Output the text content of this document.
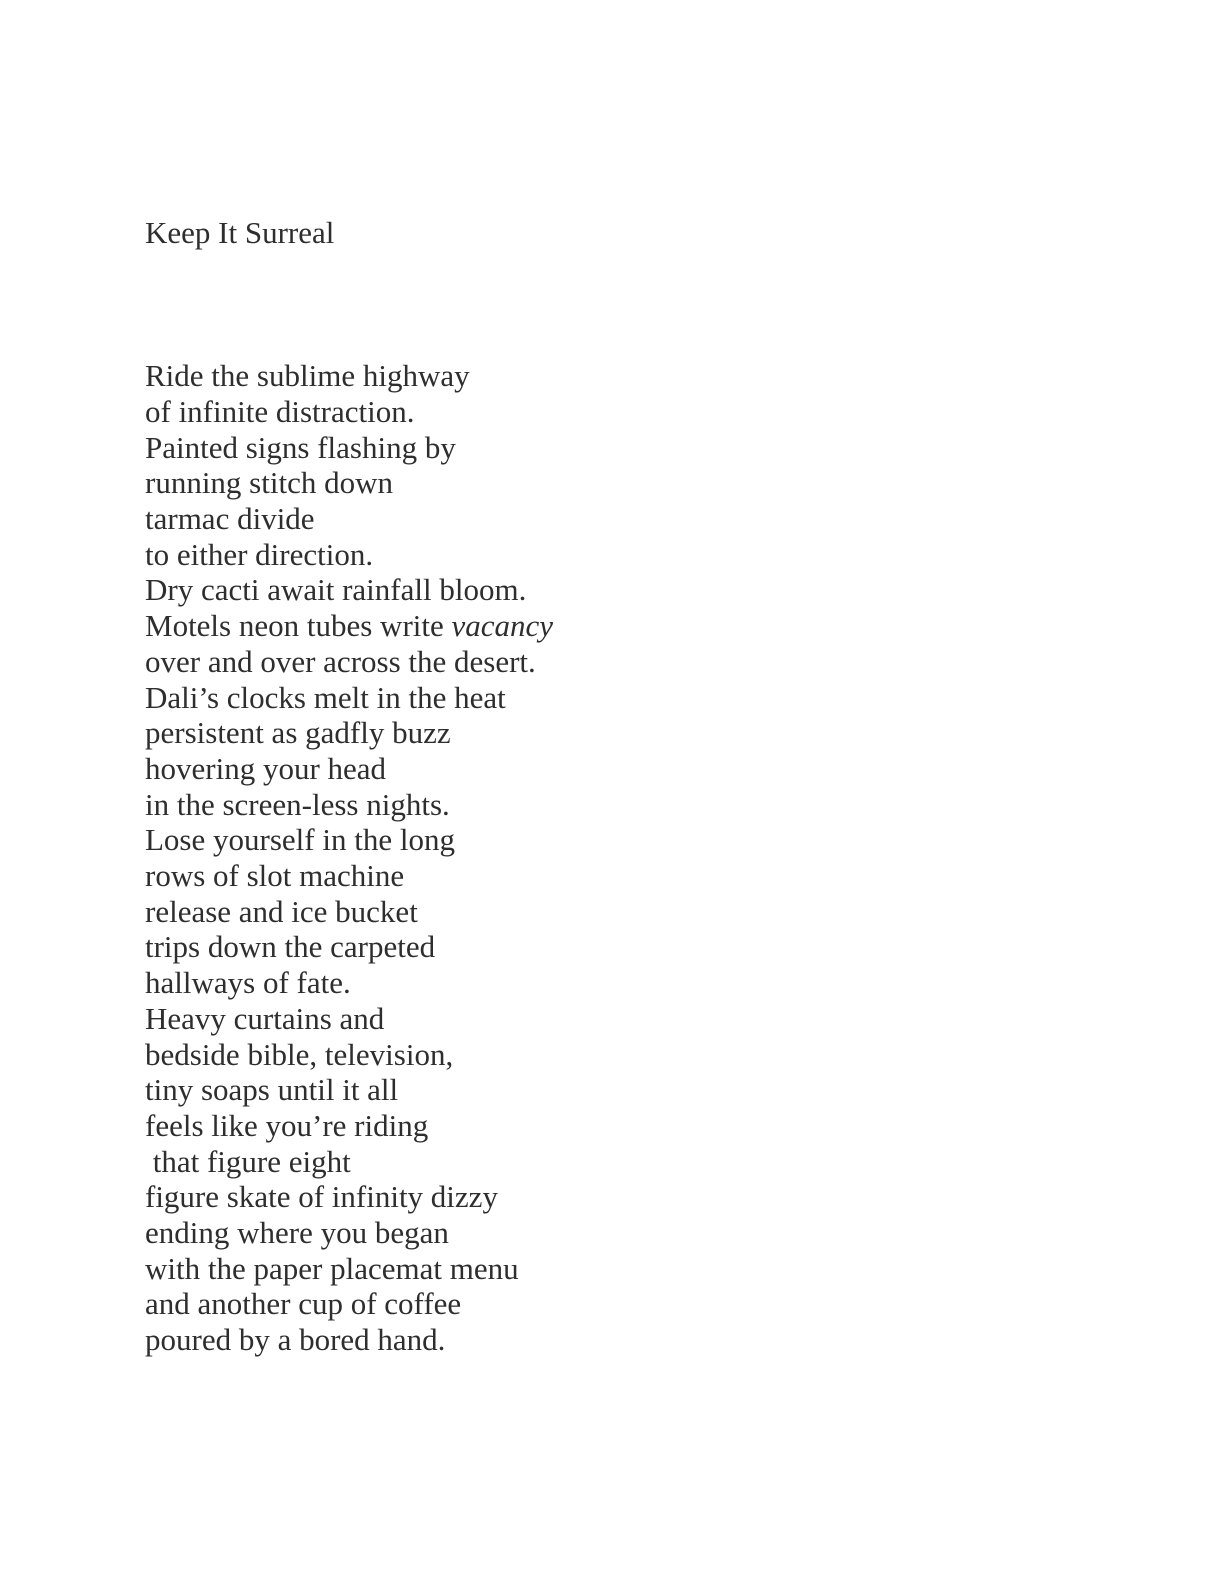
Keep It Surreal

Ride the sublime highway
of infinite distraction.
Painted signs flashing by
running stitch down
tarmac divide
to either direction.
Dry cacti await rainfall bloom.
Motels neon tubes write vacancy
over and over across the desert.
Dali’s clocks melt in the heat
persistent as gadfly buzz
hovering your head
in the screen-less nights.
Lose yourself in the long
rows of slot machine
release and ice bucket
trips down the carpeted
hallways of fate.
Heavy curtains and
bedside bible, television,
tiny soaps until it all
feels like you’re riding
that figure eight
figure skate of infinity dizzy
ending where you began
with the paper placemat menu
and another cup of coffee
poured by a bored hand.
